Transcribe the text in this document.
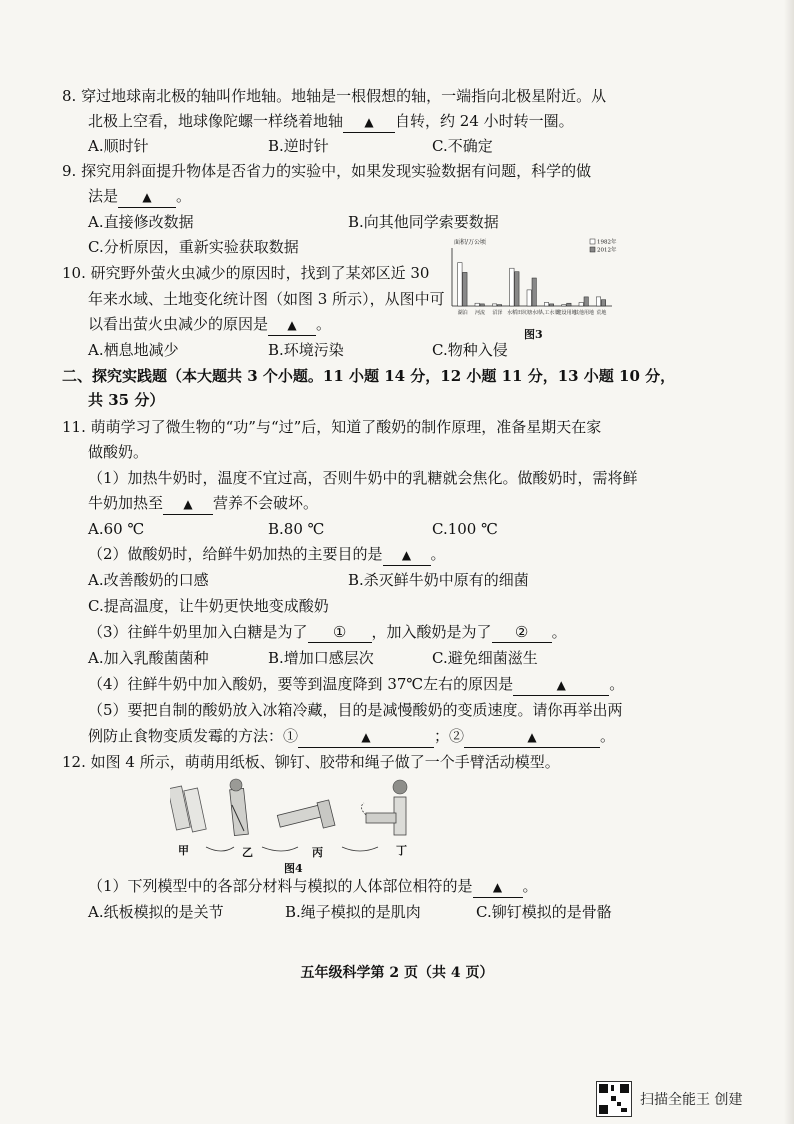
8. 穿过地球南北极的轴叫作地轴。地轴是一根假想的轴，一端指向北极星附近。从
北极上空看，地球像陀螺一样绕着地轴 ▲ 自转，约 24 小时转一圈。
A.顺时针	B.逆时针	C.不确定
9. 探究用斜面提升物体是否省力的实验中，如果发现实验数据有问题，科学的做
法是 ▲ 。
A.直接修改数据	B.向其他同学索要数据
C.分析原因，重新实验获取数据
10. 研究野外萤火虫减少的原因时，找到了某郊区近 30
年来水域、土地变化统计图（如图 3 所示），从图中可
以看出萤火虫减少的原因是 ▲ 。
A.栖息地减少	B.环境污染	C.物种入侵
面积/万公顷	1982年
2012年
湖泊 河流 沼泽 水稻田 坑塘水库
人工水渠
建设用地
其他用地 荒地
图3
二、探究实践题（本大题共 3 个小题。11 小题 14 分，12 小题 11 分，13 小题 10 分，
共 35 分）
11. 萌萌学习了微生物的“功”与“过”后，知道了酸奶的制作原理，准备星期天在家
做酸奶。
（1）加热牛奶时，温度不宜过高，否则牛奶中的乳糖就会焦化。做酸奶时，需将鲜
牛奶加热至 ▲ 营养不会破坏。
A.60 ℃	B.80 ℃	C.100 ℃
（2）做酸奶时，给鲜牛奶加热的主要目的是 ▲ 。
A.改善酸奶的口感	B.杀灭鲜牛奶中原有的细菌
C.提高温度，让牛奶更快地变成酸奶
（3）往鲜牛奶里加入白糖是为了 ① ，加入酸奶是为了 ② 。
A.加入乳酸菌菌种	B.增加口感层次	C.避免细菌滋生
（4）往鲜牛奶中加入酸奶，要等到温度降到 37℃左右的原因是	▲	。
（5）要把自制的酸奶放入冰箱冷藏，目的是减慢酸奶的变质速度。请你再举出两
例防止食物变质发霉的方法：①	▲	；②	▲	。
12. 如图 4 所示，萌萌用纸板、铆钉、胶带和绳子做了一个手臂活动模型。
甲	乙	丙	丁
图4
（1）下列模型中的各部分材料与模拟的人体部位相符的是 ▲ 。
A.纸板模拟的是关节	B.绳子模拟的是肌肉	C.铆钉模拟的是骨骼
五年级科学第 2 页（共 4 页）
扫描全能王 创建
